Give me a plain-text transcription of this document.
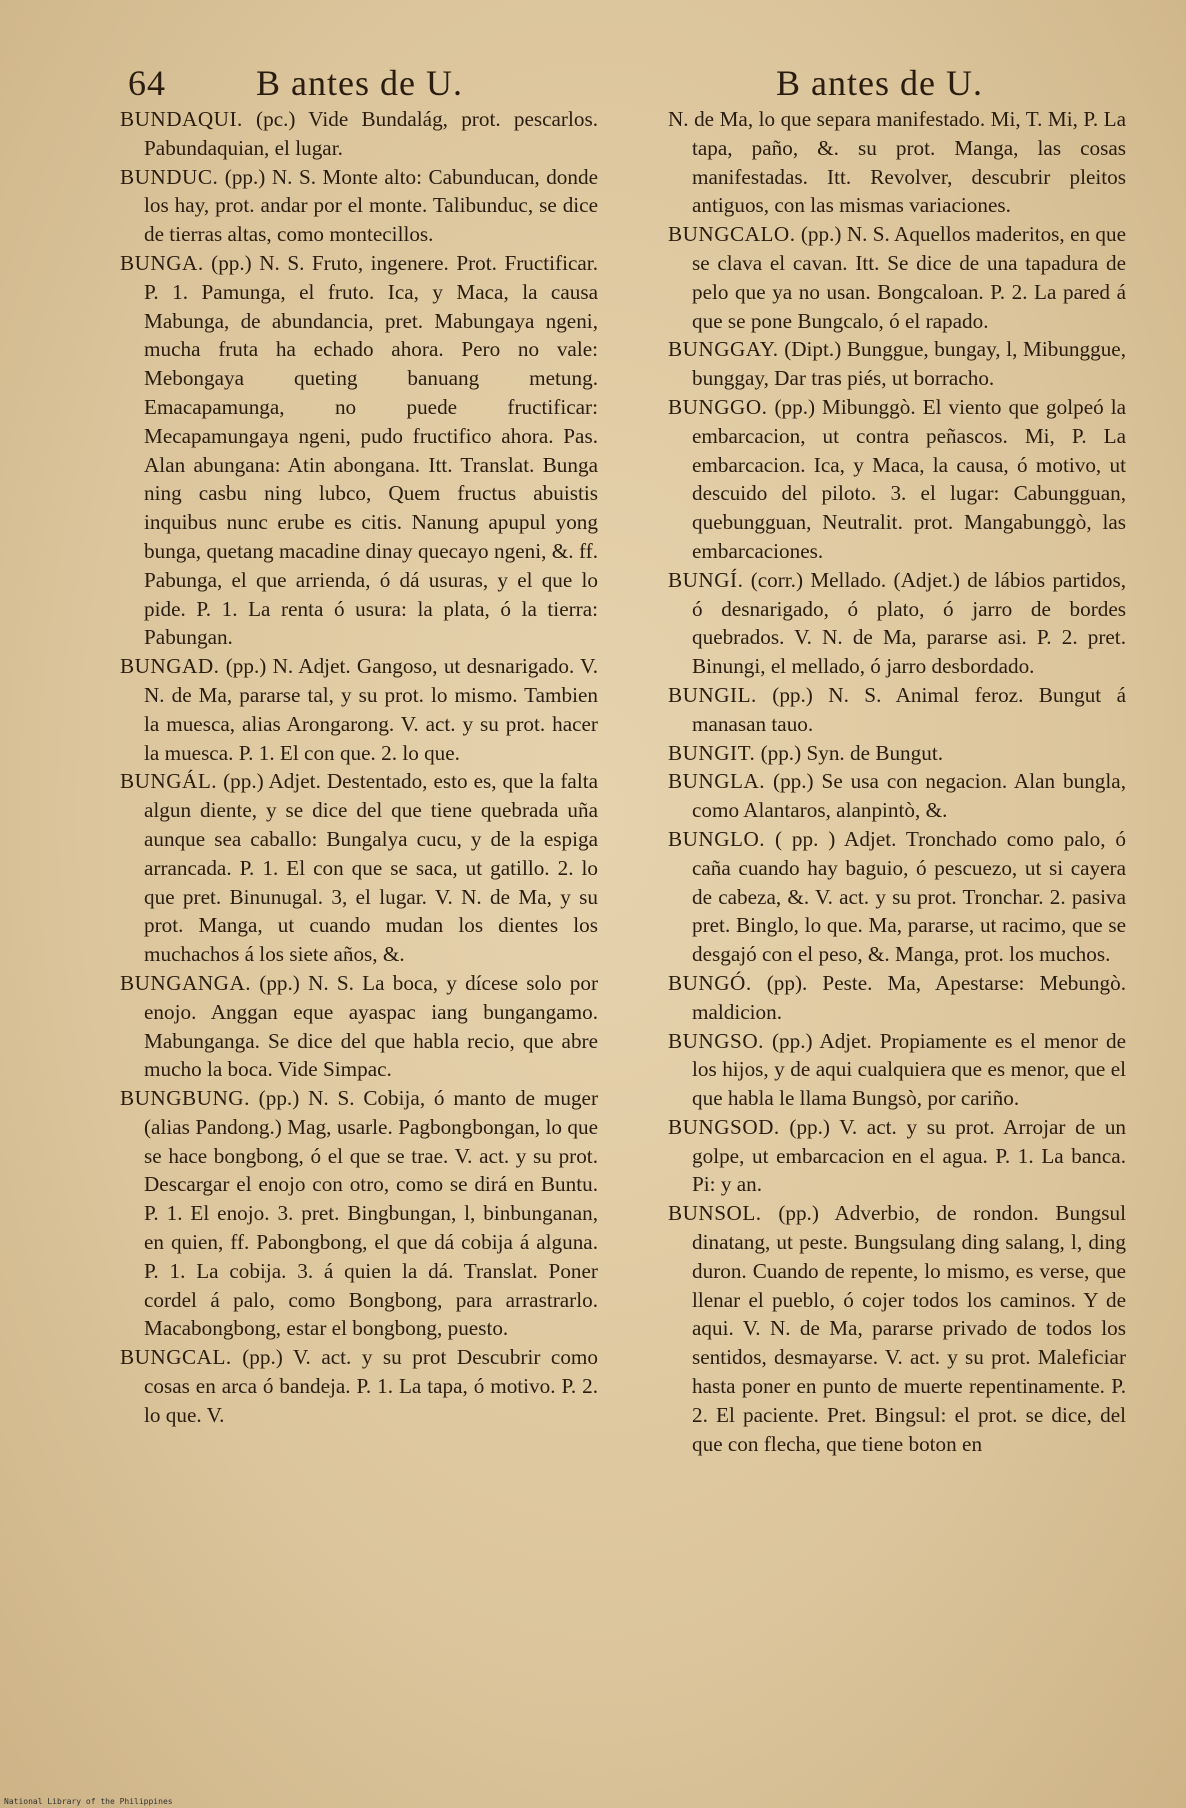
64	B antes de U.	B antes de U.

BUNDAQUI. (pc.) Vide Bundalág, prot. pescarlos. Pabundaquian, el lugar.

BUNDUC. (pp.) N. S. Monte alto: Cabunducan, donde los hay, prot. andar por el monte. Talibunduc, se dice de tierras altas, como montecillos.

BUNGA. (pp.) N. S. Fruto, ingenere. Prot. Fructificar. P. 1. Pamunga, el fruto. Ica, y Maca, la causa Mabunga, de abundancia, pret. Mabungaya ngeni, mucha fruta ha echado ahora. Pero no vale: Mebongaya queting banuang metung. Emacapamunga, no puede fructificar: Mecapamungaya ngeni, pudo fructifico ahora. Pas. Alan abungana: Atin abongana. Itt. Translat. Bunga ning casbu ning lubco, Quem fructus abuistis inquibus nunc erube es citis. Nanung apupul yong bunga, quetang macadine dinay quecayo ngeni, &. ff. Pabunga, el que arrienda, ó dá usuras, y el que lo pide. P. 1. La renta ó usura: la plata, ó la tierra: Pabungan.

BUNGAD. (pp.) N. Adjet. Gangoso, ut desnarigado. V. N. de Ma, pararse tal, y su prot. lo mismo. Tambien la muesca, alias Arongarong. V. act. y su prot. hacer la muesca. P. 1. El con que. 2. lo que.

BUNGÁL. (pp.) Adjet. Destentado, esto es, que la falta algun diente, y se dice del que tiene quebrada uña aunque sea caballo: Bungalya cucu, y de la espiga arrancada. P. 1. El con que se saca, ut gatillo. 2. lo que pret. Binunugal. 3, el lugar. V. N. de Ma, y su prot. Manga, ut cuando mudan los dientes los muchachos á los siete años, &.

BUNGANGA. (pp.) N. S. La boca, y dícese solo por enojo. Anggan eque ayaspac iang bungangamo. Mabunganga. Se dice del que habla recio, que abre mucho la boca. Vide Simpac.

BUNGBUNG. (pp.) N. S. Cobija, ó manto de muger (alias Pandong.) Mag, usarle. Pagbongbongan, lo que se hace bongbong, ó el que se trae. V. act. y su prot. Descargar el enojo con otro, como se dirá en Buntu. P. 1. El enojo. 3. pret. Bingbungan, l, binbunganan, en quien, ff. Pabongbong, el que dá cobija á alguna. P. 1. La cobija. 3. á quien la dá. Translat. Poner cordel á palo, como Bongbong, para arrastrarlo. Macabongbong, estar el bongbong, puesto.

BUNGCAL. (pp.) V. act. y su prot Descubrir como cosas en arca ó bandeja. P. 1. La tapa, ó motivo. P. 2. lo que. V.

N. de Ma, lo que separa manifestado. Mi, T. Mi, P. La tapa, paño, &. su prot. Manga, las cosas manifestadas. Itt. Revolver, descubrir pleitos antiguos, con las mismas variaciones.

BUNGCALO. (pp.) N. S. Aquellos maderitos, en que se clava el cavan. Itt. Se dice de una tapadura de pelo que ya no usan. Bongcaloan. P. 2. La pared á que se pone Bungcalo, ó el rapado.

BUNGGAY. (Dipt.) Bunggue, bungay, l, Mibunggue, bunggay, Dar tras piés, ut borracho.

BUNGGO. (pp.) Mibunggò. El viento que golpeó la embarcacion, ut contra peñascos. Mi, P. La embarcacion. Ica, y Maca, la causa, ó motivo, ut descuido del piloto. 3. el lugar: Cabungguan, quebungguan, Neutralit. prot. Mangabunggò, las embarcaciones.

BUNGÍ. (corr.) Mellado. (Adjet.) de lábios partidos, ó desnarigado, ó plato, ó jarro de bordes quebrados. V. N. de Ma, pararse asi. P. 2. pret. Binungi, el mellado, ó jarro desbordado.

BUNGIL. (pp.) N. S. Animal feroz. Bungut á manasan tauo.

BUNGIT. (pp.) Syn. de Bungut.

BUNGLA. (pp.) Se usa con negacion. Alan bungla, como Alantaros, alanpintò, &.

BUNGLO. ( pp. ) Adjet. Tronchado como palo, ó caña cuando hay baguio, ó pescuezo, ut si cayera de cabeza, &. V. act. y su prot. Tronchar. 2. pasiva pret. Binglo, lo que. Ma, pararse, ut racimo, que se desgajó con el peso, &. Manga, prot. los muchos.

BUNGÓ. (pp). Peste. Ma, Apestarse: Mebungò. maldicion.

BUNGSO. (pp.) Adjet. Propiamente es el menor de los hijos, y de aqui cualquiera que es menor, que el que habla le llama Bungsò, por cariño.

BUNGSOD. (pp.) V. act. y su prot. Arrojar de un golpe, ut embarcacion en el agua. P. 1. La banca. Pi: y an.

BUNSOL. (pp.) Adverbio, de rondon. Bungsul dinatang, ut peste. Bungsulang ding salang, l, ding duron. Cuando de repente, lo mismo, es verse, que llenar el pueblo, ó cojer todos los caminos. Y de aqui. V. N. de Ma, pararse privado de todos los sentidos, desmayarse. V. act. y su prot. Maleficiar hasta poner en punto de muerte repentinamente. P. 2. El paciente. Pret. Bingsul: el prot. se dice, del que con flecha, que tiene boton en

National Library of the Philippines
